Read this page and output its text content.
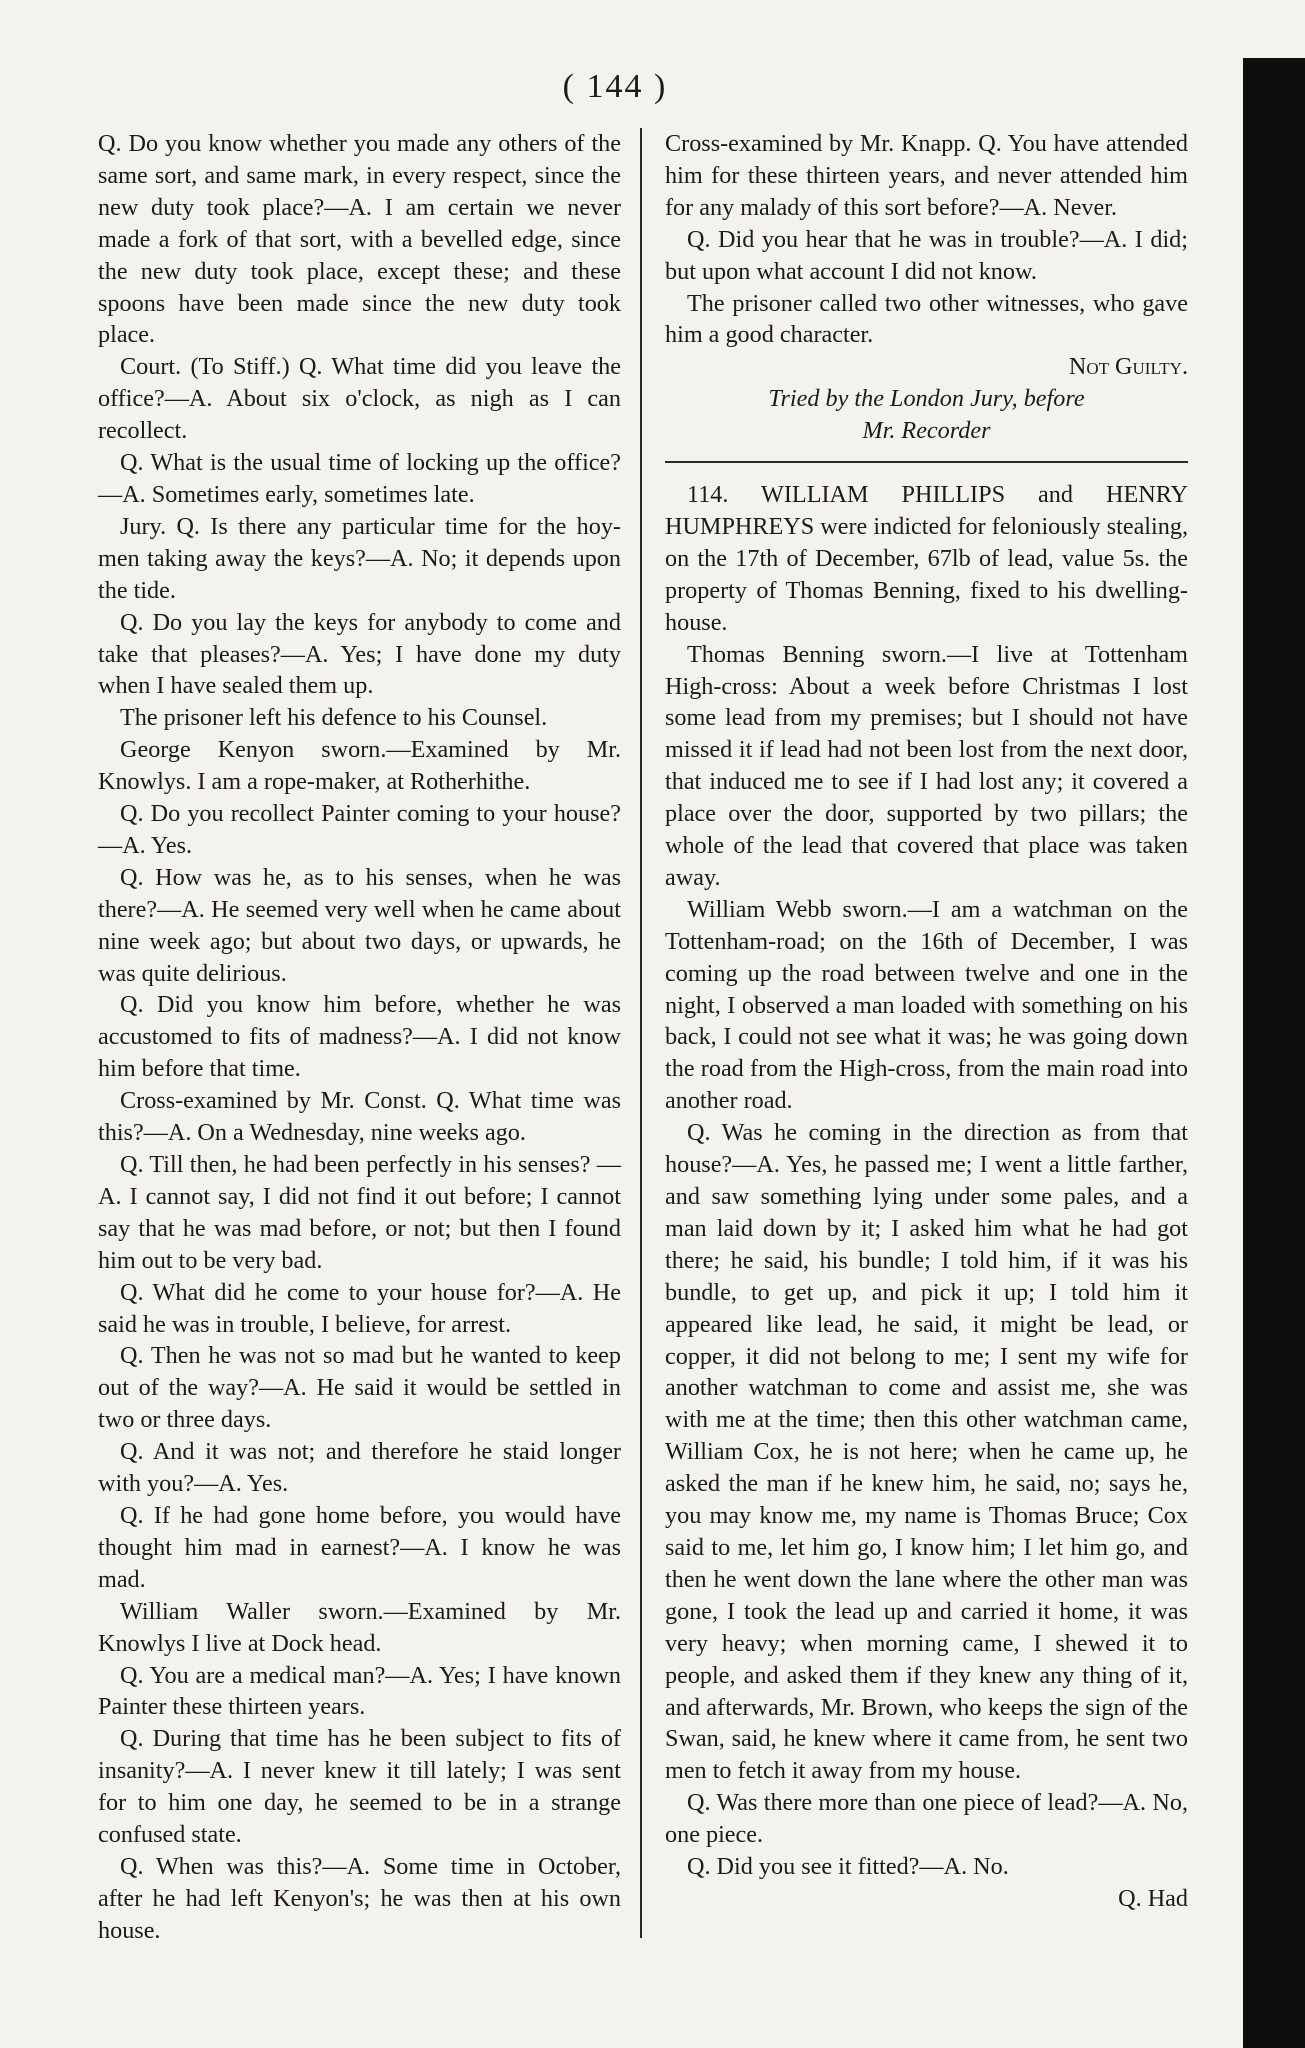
( 144 )

Q. Do you know whether you made any others of the same sort, and same mark, in every respect, since the new duty took place?—A. I am certain we never made a fork of that sort, with a bevelled edge, since the new duty took place, except these; and these spoons have been made since the new duty took place.

Court. (To Stiff.) Q. What time did you leave the office?—A. About six o'clock, as nigh as I can recollect.

Q. What is the usual time of locking up the office?—A. Sometimes early, sometimes late.

Jury. Q. Is there any particular time for the hoy-men taking away the keys?—A. No; it depends upon the tide.

Q. Do you lay the keys for anybody to come and take that pleases?—A. Yes; I have done my duty when I have sealed them up.

The prisoner left his defence to his Counsel.

George Kenyon sworn.—Examined by Mr. Knowlys. I am a rope-maker, at Rotherhithe.

Q. Do you recollect Painter coming to your house?—A. Yes.

Q. How was he, as to his senses, when he was there?—A. He seemed very well when he came about nine week ago; but about two days, or upwards, he was quite delirious.

Q. Did you know him before, whether he was accustomed to fits of madness?—A. I did not know him before that time.

Cross-examined by Mr. Const. Q. What time was this?—A. On a Wednesday, nine weeks ago.

Q. Till then, he had been perfectly in his senses? —A. I cannot say, I did not find it out before; I cannot say that he was mad before, or not; but then I found him out to be very bad.

Q. What did he come to your house for?—A. He said he was in trouble, I believe, for arrest.

Q. Then he was not so mad but he wanted to keep out of the way?—A. He said it would be settled in two or three days.

Q. And it was not; and therefore he staid longer with you?—A. Yes.

Q. If he had gone home before, you would have thought him mad in earnest?—A. I know he was mad.

William Waller sworn.—Examined by Mr. Knowlys I live at Dock head.

Q. You are a medical man?—A. Yes; I have known Painter these thirteen years.

Q. During that time has he been subject to fits of insanity?—A. I never knew it till lately; I was sent for to him one day, he seemed to be in a strange confused state.

Q. When was this?—A. Some time in October, after he had left Kenyon's; he was then at his own house.

Cross-examined by Mr. Knapp. Q. You have attended him for these thirteen years, and never attended him for any malady of this sort before?—A. Never.

Q. Did you hear that he was in trouble?—A. I did; but upon what account I did not know.

The prisoner called two other witnesses, who gave him a good character.

Not Guilty.

Tried by the London Jury, before

Mr. Recorder

114. WILLIAM PHILLIPS and HENRY HUMPHREYS were indicted for feloniously stealing, on the 17th of December, 67lb of lead, value 5s. the property of Thomas Benning, fixed to his dwelling-house.

Thomas Benning sworn.—I live at Tottenham High-cross: About a week before Christmas I lost some lead from my premises; but I should not have missed it if lead had not been lost from the next door, that induced me to see if I had lost any; it covered a place over the door, supported by two pillars; the whole of the lead that covered that place was taken away.

William Webb sworn.—I am a watchman on the Tottenham-road; on the 16th of December, I was coming up the road between twelve and one in the night, I observed a man loaded with something on his back, I could not see what it was; he was going down the road from the High-cross, from the main road into another road.

Q. Was he coming in the direction as from that house?—A. Yes, he passed me; I went a little farther, and saw something lying under some pales, and a man laid down by it; I asked him what he had got there; he said, his bundle; I told him, if it was his bundle, to get up, and pick it up; I told him it appeared like lead, he said, it might be lead, or copper, it did not belong to me; I sent my wife for another watchman to come and assist me, she was with me at the time; then this other watchman came, William Cox, he is not here; when he came up, he asked the man if he knew him, he said, no; says he, you may know me, my name is Thomas Bruce; Cox said to me, let him go, I know him; I let him go, and then he went down the lane where the other man was gone, I took the lead up and carried it home, it was very heavy; when morning came, I shewed it to people, and asked them if they knew any thing of it, and afterwards, Mr. Brown, who keeps the sign of the Swan, said, he knew where it came from, he sent two men to fetch it away from my house.

Q. Was there more than one piece of lead?—A. No, one piece.

Q. Did you see it fitted?—A. No.

Q. Had
